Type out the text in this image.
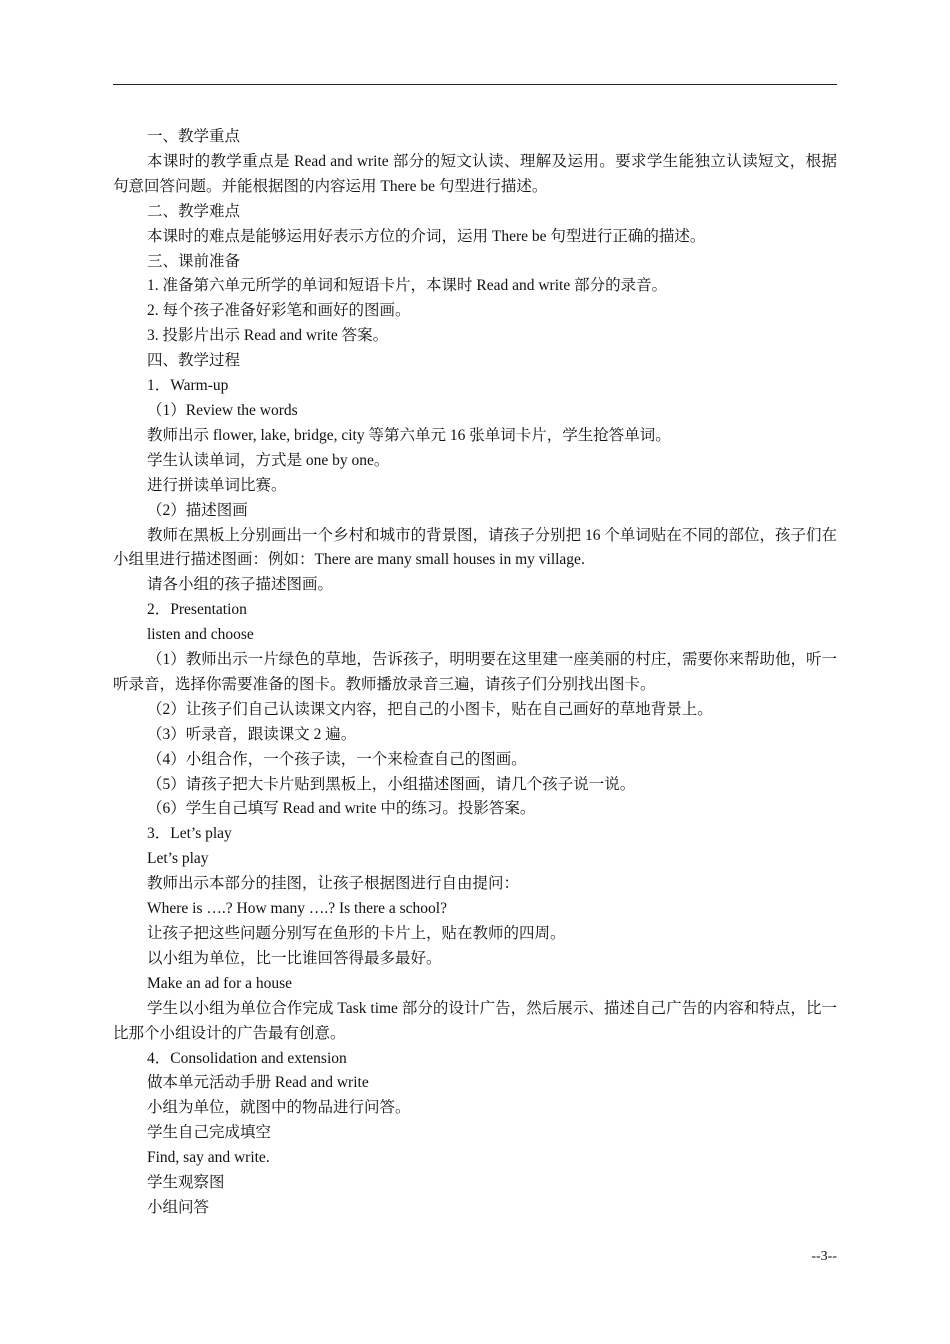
一、教学重点

本课时的教学重点是 Read and write 部分的短文认读、理解及运用。要求学生能独立认读短文，根据句意回答问题。并能根据图的内容运用 There be 句型进行描述。

二、教学难点

本课时的难点是能够运用好表示方位的介词，运用 There be 句型进行正确的描述。

三、课前准备

1. 准备第六单元所学的单词和短语卡片，本课时 Read and write 部分的录音。

2. 每个孩子准备好彩笔和画好的图画。

3. 投影片出示 Read and write 答案。

四、教学过程

1．Warm-up

（1）Review the words

教师出示 flower, lake, bridge, city 等第六单元 16 张单词卡片，学生抢答单词。

学生认读单词，方式是 one by one。

进行拼读单词比赛。

（2）描述图画

教师在黑板上分别画出一个乡村和城市的背景图，请孩子分别把 16 个单词贴在不同的部位，孩子们在小组里进行描述图画：例如：There are many small houses in my village.

请各小组的孩子描述图画。

2．Presentation

listen and choose

（1）教师出示一片绿色的草地，告诉孩子，明明要在这里建一座美丽的村庄，需要你来帮助他，听一听录音，选择你需要准备的图卡。教师播放录音三遍，请孩子们分别找出图卡。

（2）让孩子们自己认读课文内容，把自己的小图卡，贴在自己画好的草地背景上。

（3）听录音，跟读课文 2 遍。

（4）小组合作，一个孩子读，一个来检查自己的图画。

（5）请孩子把大卡片贴到黑板上，小组描述图画，请几个孩子说一说。

（6）学生自己填写 Read and write 中的练习。投影答案。

3．Let’s play

Let’s play

教师出示本部分的挂图，让孩子根据图进行自由提问：

Where is ….? How many ….? Is there a school?

让孩子把这些问题分别写在鱼形的卡片上，贴在教师的四周。

以小组为单位，比一比谁回答得最多最好。

Make an ad for a house

学生以小组为单位合作完成 Task time 部分的设计广告，然后展示、描述自己广告的内容和特点，比一比那个小组设计的广告最有创意。

4．Consolidation and extension

做本单元活动手册 Read and write

小组为单位，就图中的物品进行问答。

学生自己完成填空

Find, say and write.

学生观察图

小组问答

--3--
